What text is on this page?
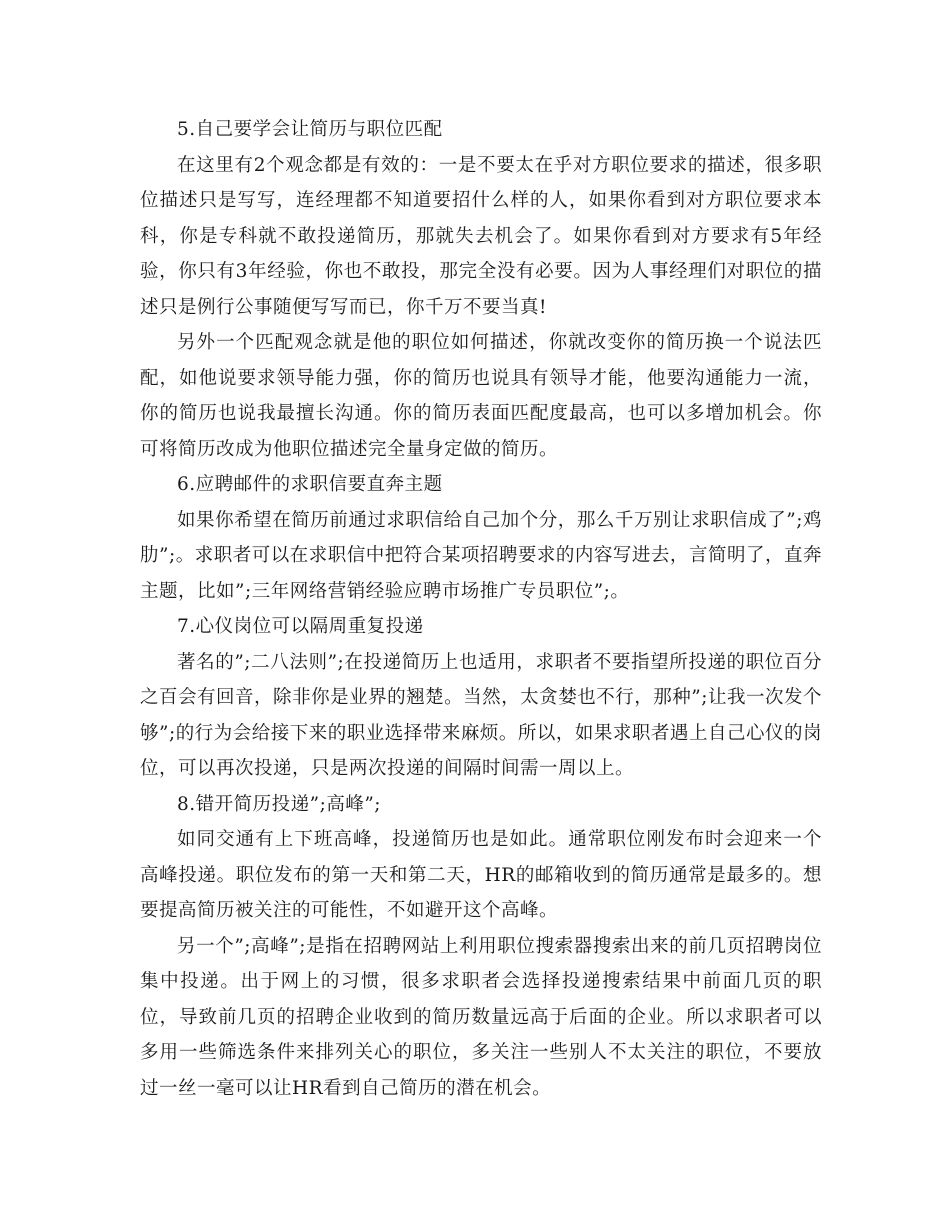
5.自己要学会让简历与职位匹配

在这里有2个观念都是有效的：一是不要太在乎对方职位要求的描述，很多职位描述只是写写，连经理都不知道要招什么样的人，如果你看到对方职位要求本科，你是专科就不敢投递简历，那就失去机会了。如果你看到对方要求有5年经验，你只有3年经验，你也不敢投，那完全没有必要。因为人事经理们对职位的描述只是例行公事随便写写而已，你千万不要当真!

另外一个匹配观念就是他的职位如何描述，你就改变你的简历换一个说法匹配，如他说要求领导能力强，你的简历也说具有领导才能，他要沟通能力一流，你的简历也说我最擅长沟通。你的简历表面匹配度最高，也可以多增加机会。你可将简历改成为他职位描述完全量身定做的简历。

6.应聘邮件的求职信要直奔主题

如果你希望在简历前通过求职信给自己加个分，那么千万别让求职信成了”;鸡肋”;。求职者可以在求职信中把符合某项招聘要求的内容写进去，言简明了，直奔主题，比如”;三年网络营销经验应聘市场推广专员职位”;。

7.心仪岗位可以隔周重复投递

著名的”;二八法则”;在投递简历上也适用，求职者不要指望所投递的职位百分之百会有回音，除非你是业界的翘楚。当然，太贪婪也不行，那种”;让我一次发个够”;的行为会给接下来的职业选择带来麻烦。所以，如果求职者遇上自己心仪的岗位，可以再次投递，只是两次投递的间隔时间需一周以上。

8.错开简历投递”;高峰”;

如同交通有上下班高峰，投递简历也是如此。通常职位刚发布时会迎来一个高峰投递。职位发布的第一天和第二天，HR的邮箱收到的简历通常是最多的。想要提高简历被关注的可能性，不如避开这个高峰。

另一个”;高峰”;是指在招聘网站上利用职位搜索器搜索出来的前几页招聘岗位集中投递。出于网上的习惯，很多求职者会选择投递搜索结果中前面几页的职位，导致前几页的招聘企业收到的简历数量远高于后面的企业。所以求职者可以多用一些筛选条件来排列关心的职位，多关注一些别人不太关注的职位，不要放过一丝一毫可以让HR看到自己简历的潜在机会。
